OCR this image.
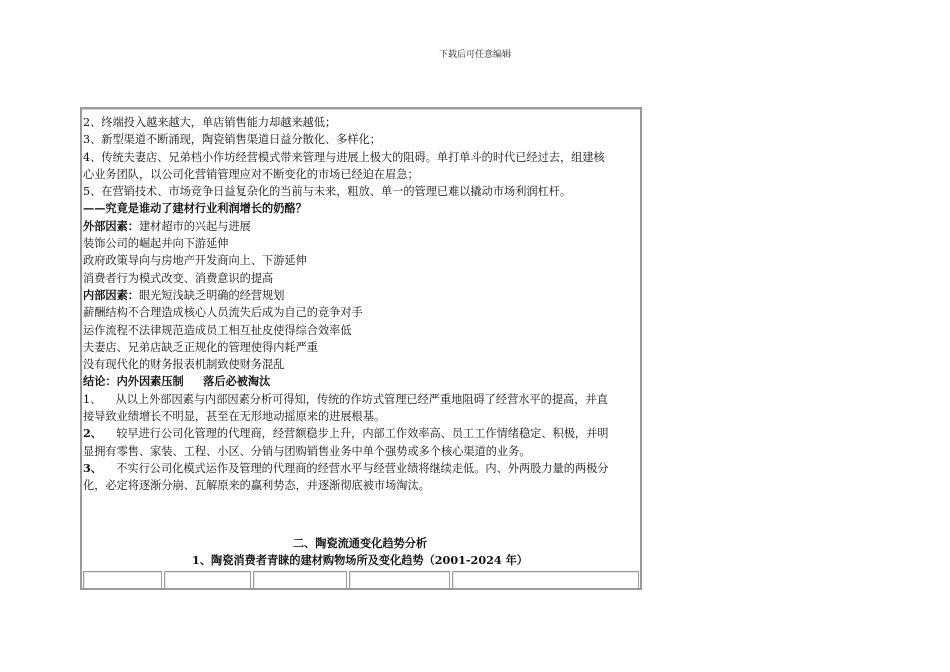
下载后可任意编辑
2、终端投入越来越大，单店销售能力却越来越低；
3、新型渠道不断涌现，陶瓷销售渠道日益分散化、多样化；
4、传统夫妻店、兄弟档小作坊经营模式带来管理与进展上极大的阻碍。单打单斗的时代已经过去，组建核
心业务团队，以公司化营销管理应对不断变化的市场已经迫在眉急；
5、在营销技术、市场竞争日益复杂化的当前与未来，粗放、单一的管理已难以撬动市场利润杠杆。
——究竟是谁动了建材行业利润增长的奶酪？
外部因素：建材超市的兴起与进展
装饰公司的崛起并向下游延伸
政府政策导向与房地产开发商向上、下游延伸
消费者行为模式改变、消费意识的提高
内部因素：眼光短浅缺乏明确的经营规划
薪酬结构不合理造成核心人员流失后成为自己的竞争对手
运作流程不法律规范造成员工相互扯皮使得综合效率低
夫妻店、兄弟店缺乏正规化的管理使得内耗严重
没有现代化的财务报表机制致使财务混乱
结论：内外因素压制     落后必被淘汰
1、    从以上外部因素与内部因素分析可得知，传统的作坊式管理已经严重地阻碍了经营水平的提高，并直
接导致业绩增长不明显，甚至在无形地动摇原来的进展根基。
2、    较早进行公司化管理的代理商，经营额稳步上升，内部工作效率高、员工工作情绪稳定、积极，并明
显拥有零售、家装、工程、小区、分销与团购销售业务中单个强势或多个核心渠道的业务。
3、    不实行公司化模式运作及管理的代理商的经营水平与经营业绩将继续走低。内、外两股力量的两极分
化，必定将逐渐分崩、瓦解原来的赢利势态，并逐渐彻底被市场淘汰。
二、陶瓷流通变化趋势分析
1、陶瓷消费者青睐的建材购物场所及变化趋势（2001-2024 年）
